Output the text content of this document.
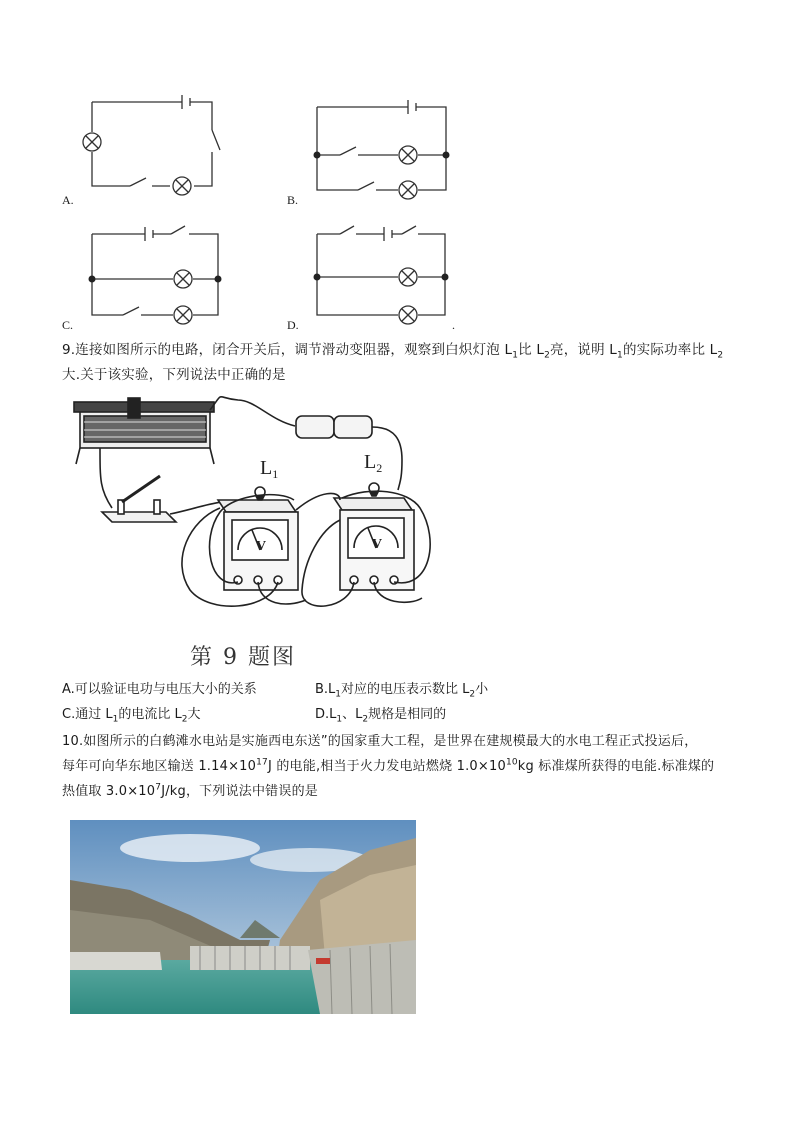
A.	B.
C.	D.	.
9.连接如图所示的电路，闭合开关后，调节滑动变阻器，观察到白炽灯泡 $L_1$比 $L_2$亮，说明 $L_1$的实际功率比 $L_2$
大.关于该实验，下列说法中正确的是
$L_1$
$L_2$
V	V
第 9 题图
A.可以验证电功与电压大小的关系	$B.L_1$对应的电压表示数比 $L_2$小
C.通过 $L_1$的电流比 $L_2$大	$D.L_1$、$L_2$规格是相同的
10.如图所示的白鹤滩水电站是实施西电东送”的国家重大工程，是世界在建规模最大的水电工程正式投运后，
每年可向华东地区输送 $1.14\times 10^{17}J$ 的电能,相当于火力发电站燃烧 $1.0\times 10^{10}kg$ 标准煤所获得的电能.标准煤的
热值取 $3.0\times 10^7J/kg$，下列说法中错误的是
